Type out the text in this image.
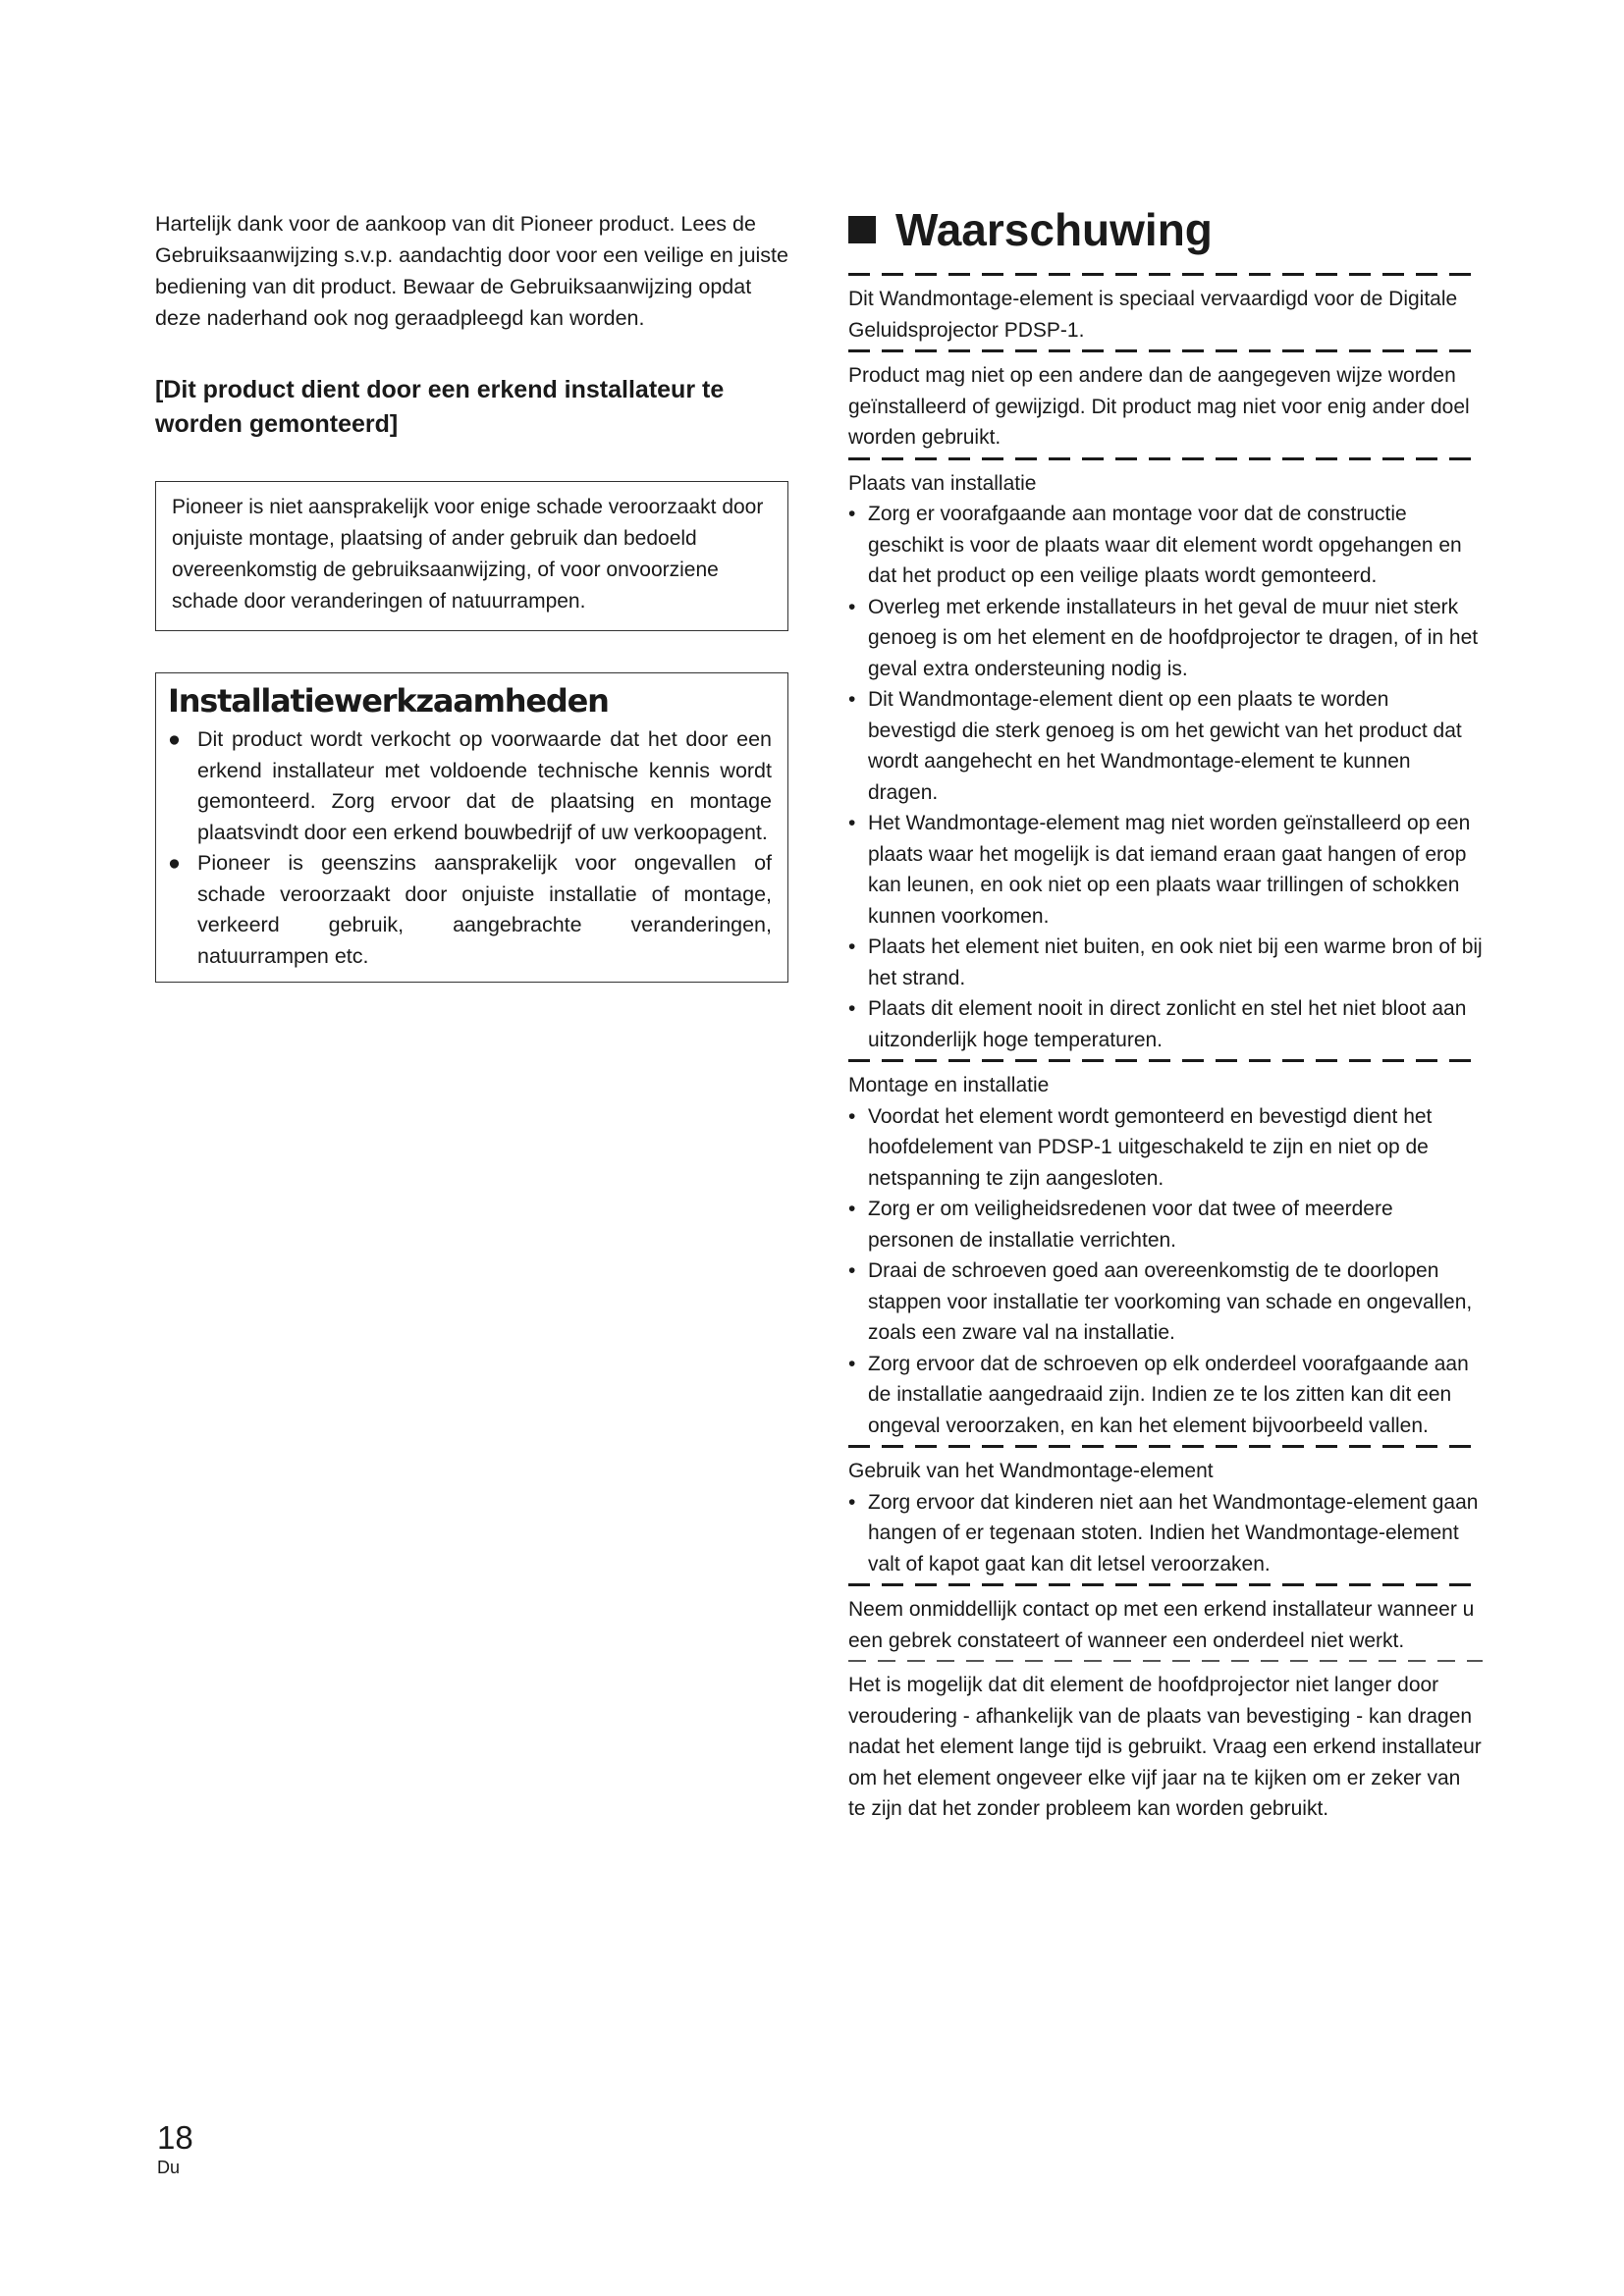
Hartelijk dank voor de aankoop van dit Pioneer product. Lees de Gebruiksaanwijzing s.v.p. aandachtig door voor een veilige en juiste bediening van dit product. Bewaar de Gebruiksaanwijzing opdat deze naderhand ook nog geraadpleegd kan worden.

[Dit product dient door een erkend installateur te worden gemonteerd]

Pioneer is niet aansprakelijk voor enige schade veroorzaakt door onjuiste montage, plaatsing of ander gebruik dan bedoeld overeenkomstig de gebruiksaanwijzing, of voor onvoorziene schade door veranderingen of natuurrampen.
Installatiewerkzaamheden
● Dit product wordt verkocht op voorwaarde dat het door een erkend installateur met voldoende technische kennis wordt gemonteerd. Zorg ervoor dat de plaatsing en montage plaatsvindt door een erkend bouwbedrijf of uw verkoopagent.
● Pioneer is geenszins aansprakelijk voor ongevallen of schade veroorzaakt door onjuiste installatie of montage, verkeerd gebruik, aangebrachte veranderingen, natuurrampen etc.
Waarschuwing

Dit Wandmontage-element is speciaal vervaardigd voor de Digitale Geluidsprojector PDSP-1.

Product mag niet op een andere dan de aangegeven wijze worden geïnstalleerd of gewijzigd. Dit product mag niet voor enig ander doel worden gebruikt.

Plaats van installatie

• Zorg er voorafgaande aan montage voor dat de constructie geschikt is voor de plaats waar dit element wordt opgehangen en dat het product op een veilige plaats wordt gemonteerd.
• Overleg met erkende installateurs in het geval de muur niet sterk genoeg is om het element en de hoofdprojector te dragen, of in het geval extra ondersteuning nodig is.
• Dit Wandmontage-element dient op een plaats te worden bevestigd die sterk genoeg is om het gewicht van het product dat wordt aangehecht en het Wandmontage-element te kunnen dragen.
• Het Wandmontage-element mag niet worden geïnstalleerd op een plaats waar het mogelijk is dat iemand eraan gaat hangen of erop kan leunen, en ook niet op een plaats waar trillingen of schokken kunnen voorkomen.
• Plaats het element niet buiten, en ook niet bij een warme bron of bij het strand.
• Plaats dit element nooit in direct zonlicht en stel het niet bloot aan uitzonderlijk hoge temperaturen.

Montage en installatie

• Voordat het element wordt gemonteerd en bevestigd dient het hoofdelement van PDSP-1 uitgeschakeld te zijn en niet op de netspanning te zijn aangesloten.
• Zorg er om veiligheidsredenen voor dat twee of meerdere personen de installatie verrichten.
• Draai de schroeven goed aan overeenkomstig de te doorlopen stappen voor installatie ter voorkoming van schade en ongevallen, zoals een zware val na installatie.
• Zorg ervoor dat de schroeven op elk onderdeel voorafgaande aan de installatie aangedraaid zijn. Indien ze te los zitten kan dit een ongeval veroorzaken, en kan het element bijvoorbeeld vallen.

Gebruik van het Wandmontage-element

• Zorg ervoor dat kinderen niet aan het Wandmontage-element gaan hangen of er tegenaan stoten. Indien het Wandmontage-element valt of kapot gaat kan dit letsel veroorzaken.

Neem onmiddellijk contact op met een erkend installateur wanneer u een gebrek constateert of wanneer een onderdeel niet werkt.

Het is mogelijk dat dit element de hoofdprojector niet langer door veroudering - afhankelijk van de plaats van bevestiging - kan dragen nadat het element lange tijd is gebruikt. Vraag een erkend installateur om het element ongeveer elke vijf jaar na te kijken om er zeker van te zijn dat het zonder probleem kan worden gebruikt.

18
Du
